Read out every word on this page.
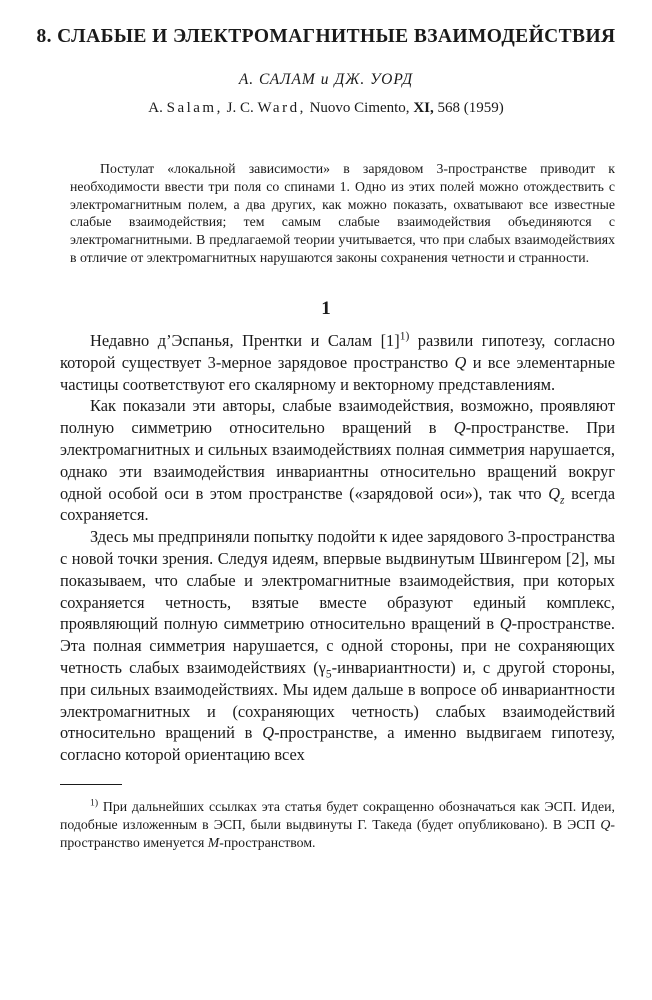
8. СЛАБЫЕ И ЭЛЕКТРОМАГНИТНЫЕ ВЗАИМОДЕЙСТВИЯ
А. САЛАМ и ДЖ. УОРД
A. Salam, J. C. Ward, Nuovo Cimento, XI, 568 (1959)

Постулат «локальной зависимости» в зарядовом 3-пространстве приводит к необходимости ввести три поля со спинами 1. Одно из этих полей можно отождествить с электромагнитным полем, а два других, как можно показать, охватывают все известные слабые взаимодействия; тем самым слабые взаимодействия объединяются с электромагнитными. В предлагаемой теории учитывается, что при слабых взаимодействиях в отличие от электромагнитных нарушаются законы сохранения четности и странности.

1

Недавно д’Эспанья, Прентки и Салам $[1]^{1)}$ развили гипотезу, согласно которой существует 3-мерное зарядовое пространство Q и все элементарные частицы соответствуют его скалярному и векторному представлениям.

Как показали эти авторы, слабые взаимодействия, возможно, проявляют полную симметрию относительно вращений в Q-пространстве. При электромагнитных и сильных взаимодействиях полная симметрия нарушается, однако эти взаимодействия инвариантны относительно вращений вокруг одной особой оси в этом пространстве («зарядовой оси»), так что $Q_z$ всегда сохраняется.

Здесь мы предприняли попытку подойти к идее зарядового 3-пространства с новой точки зрения. Следуя идеям, впервые выдвинутым Швингером [2], мы показываем, что слабые и электромагнитные взаимодействия, при которых сохраняется четность, взятые вместе образуют единый комплекс, проявляющий полную симметрию относительно вращений в Q-пространстве. Эта полная симметрия нарушается, с одной стороны, при не сохраняющих четность слабых взаимодействиях $(\gamma_5-инвариантности)$ и, с другой стороны, при сильных взаимодействиях. Мы идем дальше в вопросе об инвариантности электромагнитных и (сохраняющих четность) слабых взаимодействий относительно вращений в Q-пространстве, а именно выдвигаем гипотезу, согласно которой ориентацию всех

$^{1)}$ При дальнейших ссылках эта статья будет сокращенно обозначаться как ЭСП. Идеи, подобные изложенным в ЭСП, были выдвинуты Г. Такеда (будет опубликовано). В ЭСП Q-пространство именуется M-пространством.
